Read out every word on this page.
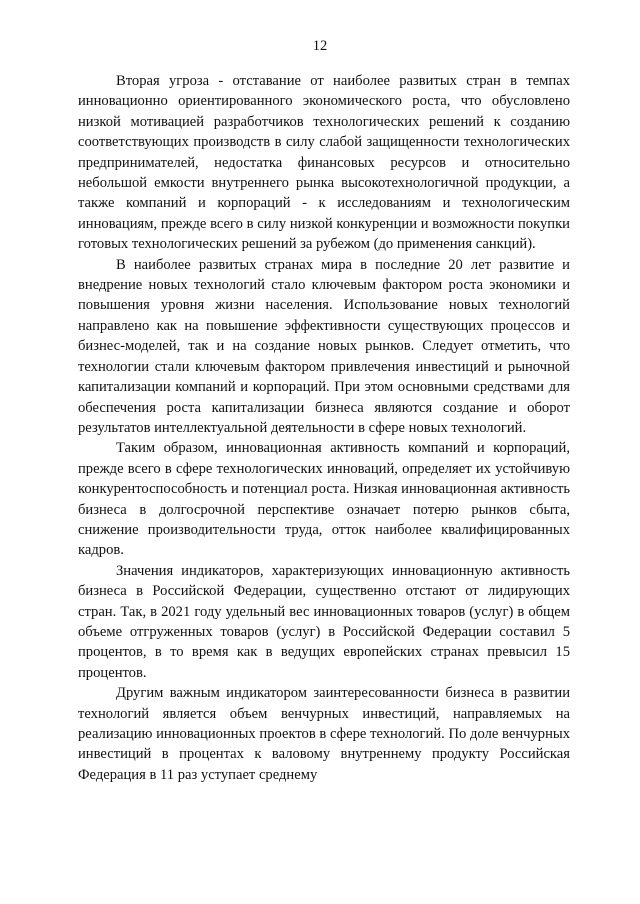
12

Вторая угроза - отставание от наиболее развитых стран в темпах инновационно ориентированного экономического роста, что обусловлено низкой мотивацией разработчиков технологических решений к созданию соответствующих производств в силу слабой защищенности технологических предпринимателей, недостатка финансовых ресурсов и относительно небольшой емкости внутреннего рынка высокотехнологичной продукции, а также компаний и корпораций - к исследованиям и технологическим инновациям, прежде всего в силу низкой конкуренции и возможности покупки готовых технологических решений за рубежом (до применения санкций).

В наиболее развитых странах мира в последние 20 лет развитие и внедрение новых технологий стало ключевым фактором роста экономики и повышения уровня жизни населения. Использование новых технологий направлено как на повышение эффективности существующих процессов и бизнес-моделей, так и на создание новых рынков. Следует отметить, что технологии стали ключевым фактором привлечения инвестиций и рыночной капитализации компаний и корпораций. При этом основными средствами для обеспечения роста капитализации бизнеса являются создание и оборот результатов интеллектуальной деятельности в сфере новых технологий.

Таким образом, инновационная активность компаний и корпораций, прежде всего в сфере технологических инноваций, определяет их устойчивую конкурентоспособность и потенциал роста. Низкая инновационная активность бизнеса в долгосрочной перспективе означает потерю рынков сбыта, снижение производительности труда, отток наиболее квалифицированных кадров.

Значения индикаторов, характеризующих инновационную активность бизнеса в Российской Федерации, существенно отстают от лидирующих стран. Так, в 2021 году удельный вес инновационных товаров (услуг) в общем объеме отгруженных товаров (услуг) в Российской Федерации составил 5 процентов, в то время как в ведущих европейских странах превысил 15 процентов.

Другим важным индикатором заинтересованности бизнеса в развитии технологий является объем венчурных инвестиций, направляемых на реализацию инновационных проектов в сфере технологий. По доле венчурных инвестиций в процентах к валовому внутреннему продукту Российская Федерация в 11 раз уступает среднему
